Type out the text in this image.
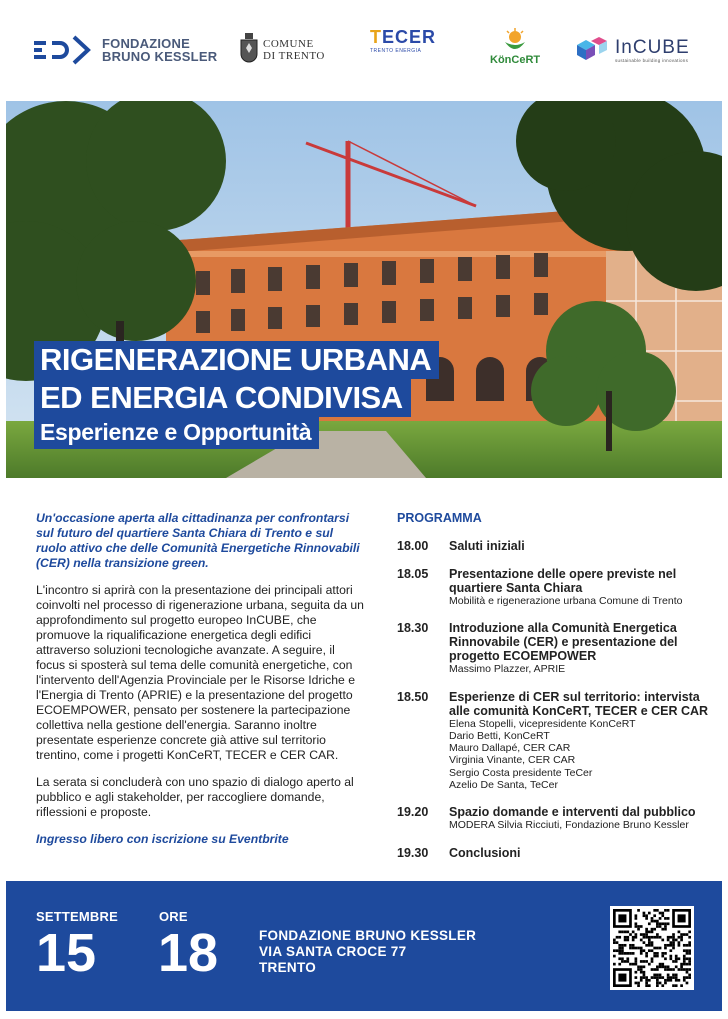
FONDAZIONE
BRUNO KESSLER
COMUNE
DI TRENTO
TECER
TRENTO ENERGIA
KönCeRT
InCUBE
sustainable building innovations
RIGENERAZIONE URBANA
ED ENERGIA CONDIVISA
Esperienze e Opportunità

Un'occasione aperta alla cittadinanza per confrontarsi sul futuro del quartiere Santa Chiara di Trento e sul ruolo attivo che delle Comunità Energetiche Rinnovabili (CER) nella transizione green.

L'incontro si aprirà con la presentazione dei principali attori coinvolti nel processo di rigenerazione urbana, seguita da un approfondimento sul progetto europeo InCUBE, che promuove la riqualificazione energetica degli edifici attraverso soluzioni tecnologiche avanzate. A seguire, il focus si sposterà sul tema delle comunità energetiche, con l'intervento dell'Agenzia Provinciale per le Risorse Idriche e l'Energia di Trento (APRIE) e la presentazione del progetto ECOEMPOWER, pensato per sostenere la partecipazione collettiva nella gestione dell'energia. Saranno inoltre presentate esperienze concrete già attive sul territorio trentino, come i progetti KonCeRT, TECER e CER CAR.

La serata si concluderà con uno spazio di dialogo aperto al pubblico e agli stakeholder, per raccogliere domande, riflessioni e proposte.

Ingresso libero con iscrizione su Eventbrite

PROGRAMMA
18.00	Saluti iniziali
18.05	Presentazione delle opere previste nel quartiere Santa Chiara
Mobilità e rigenerazione urbana Comune di Trento
18.30	Introduzione alla Comunità Energetica Rinnovabile (CER) e presentazione del progetto ECOEMPOWER
Massimo Plazzer, APRIE
18.50	Esperienze di CER sul territorio: intervista alle comunità KonCeRT, TECER e CER CAR
Elena Stopelli, vicepresidente KonCeRT
Dario Betti, KonCeRT
Mauro Dallapé, CER CAR
Virginia Vinante, CER CAR
Sergio Costa presidente TeCer
Azelio De Santa, TeCer
19.20	Spazio domande e interventi dal pubblico
MODERA Silvia Ricciuti, Fondazione Bruno Kessler
19.30	Conclusioni
SETTEMBRE
15
ORE
18	FONDAZIONE BRUNO KESSLER
VIA SANTA CROCE 77
TRENTO
